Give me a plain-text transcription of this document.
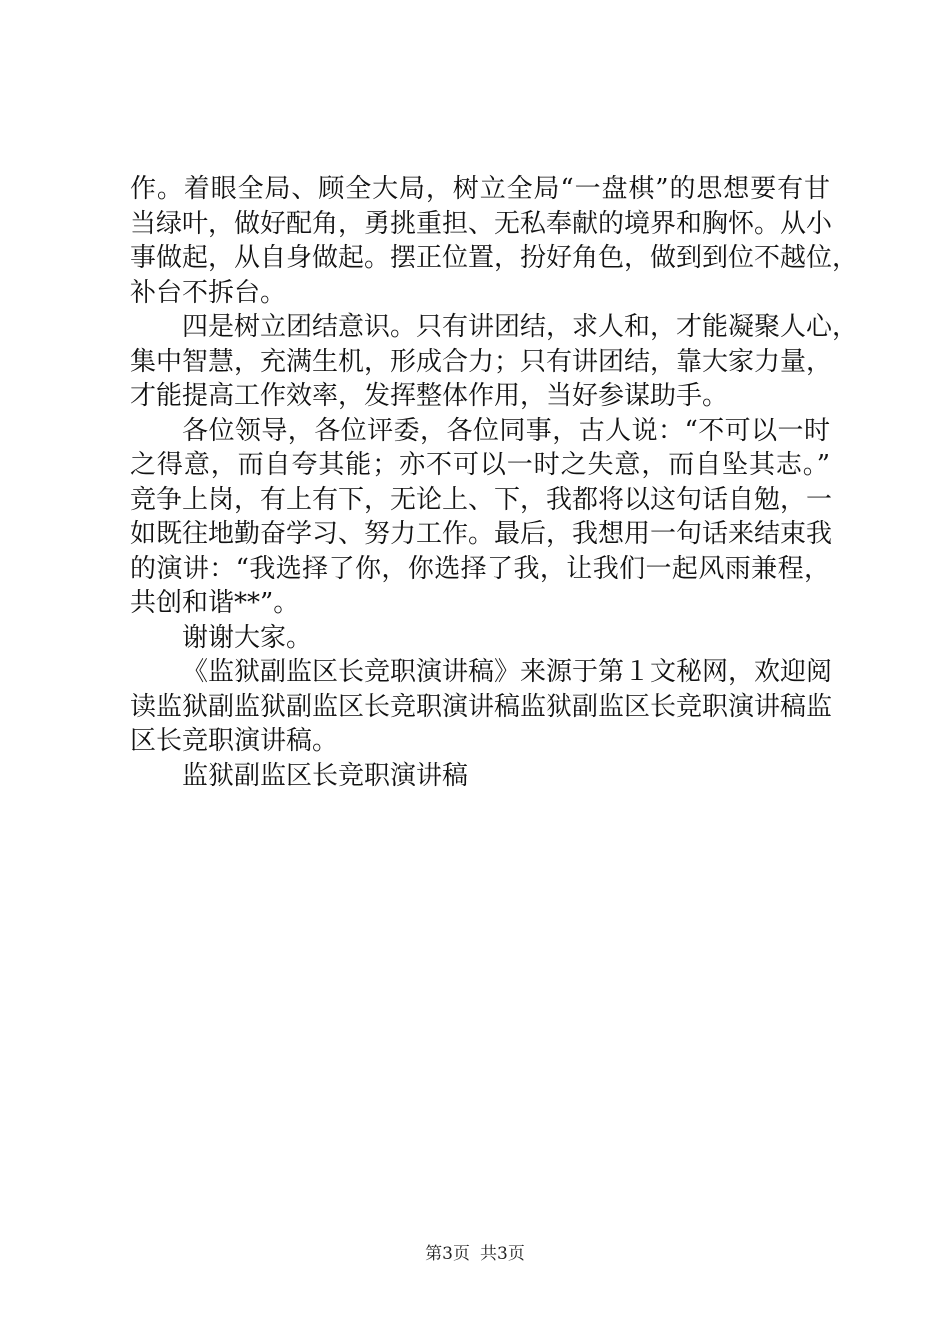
作。着眼全局、顾全大局，树立全局“一盘棋”的思想要有甘
当绿叶，做好配角，勇挑重担、无私奉献的境界和胸怀。从小
事做起，从自身做起。摆正位置，扮好角色，做到到位不越位，
补台不拆台。
四是树立团结意识。只有讲团结，求人和，才能凝聚人心，
集中智慧，充满生机，形成合力；只有讲团结，靠大家力量，
才能提高工作效率，发挥整体作用，当好参谋助手。
各位领导，各位评委，各位同事，古人说：“不可以一时
之得意，而自夸其能；亦不可以一时之失意，而自坠其志。”
竞争上岗，有上有下，无论上、下，我都将以这句话自勉，一
如既往地勤奋学习、努力工作。最后，我想用一句话来结束我
的演讲：“我选择了你，你选择了我，让我们一起风雨兼程，
共创和谐**”。
谢谢大家。
《监狱副监区长竞职演讲稿》来源于第１文秘网，欢迎阅
读监狱副监狱副监区长竞职演讲稿监狱副监区长竞职演讲稿监
区长竞职演讲稿。
监狱副监区长竞职演讲稿
第3页 共3页
